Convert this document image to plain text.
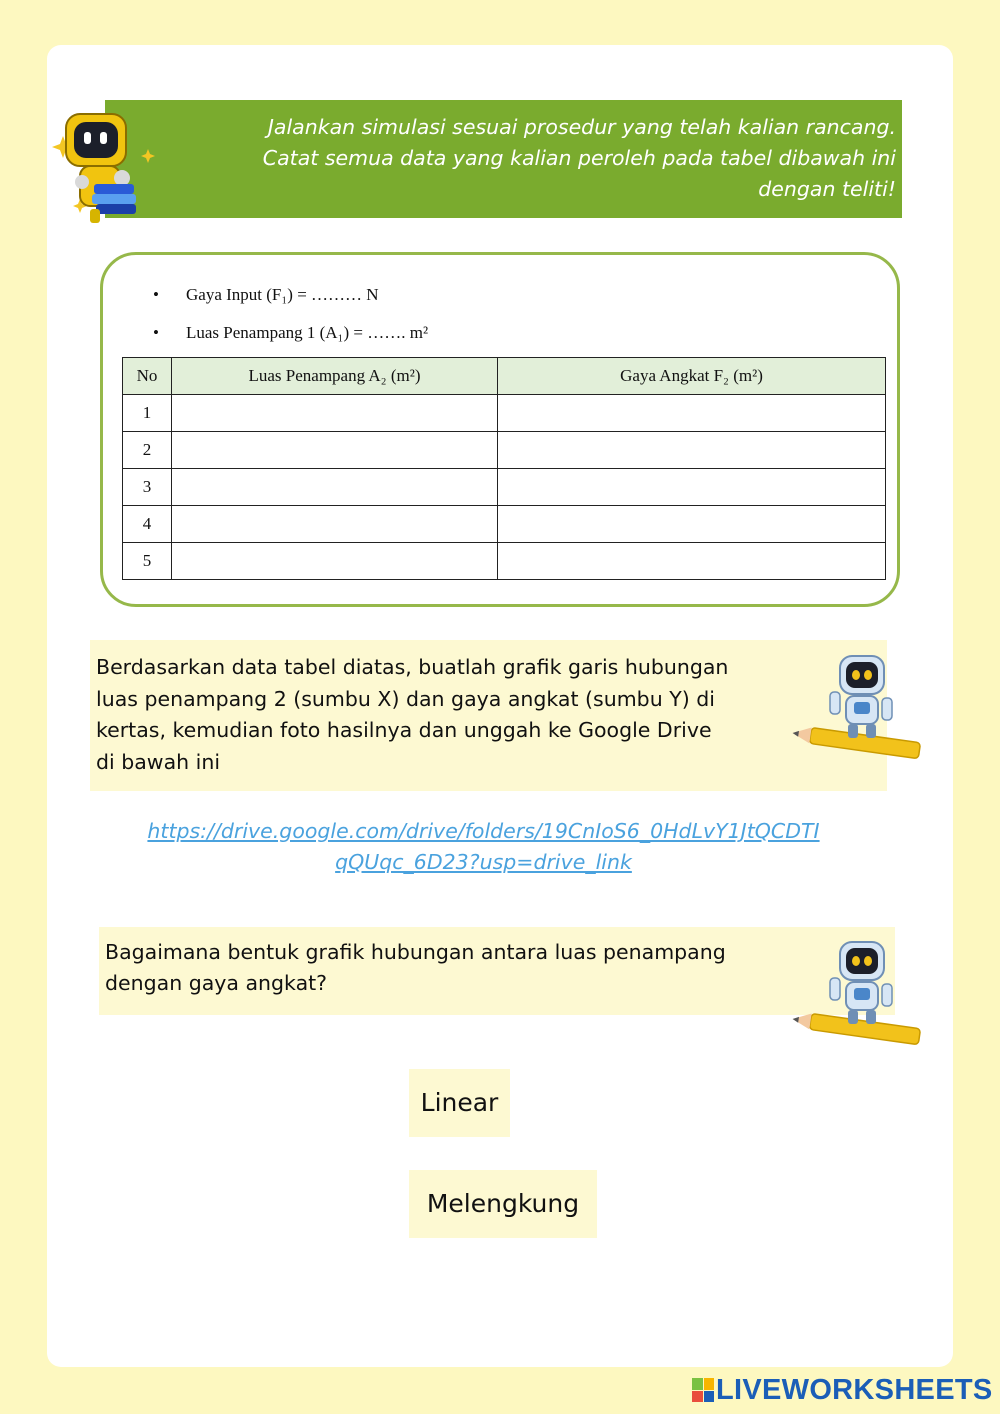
Jalankan simulasi sesuai prosedur yang telah kalian rancang.
Catat semua data yang kalian peroleh pada tabel dibawah ini
dengan teliti!
• Gaya Input (F₁) = ……… N
• Luas Penampang 1 (A₁) = ……. m²
No	Luas Penampang A₂ (m²)	Gaya Angkat F₂ (m²)
1		
2		
3		
4		
5		
Berdasarkan data tabel diatas, buatlah grafik garis hubungan
luas penampang 2 (sumbu X) dan gaya angkat (sumbu Y) di
kertas, kemudian foto hasilnya dan unggah ke Google Drive
di bawah ini
https://drive.google.com/drive/folders/19CnIoS6_0HdLvY1JtQCDTI
qQUqc_6D23?usp=drive_link
Bagaimana bentuk grafik hubungan antara luas penampang
dengan gaya angkat?
Linear
Melengkung
LIVEWORKSHEETS
